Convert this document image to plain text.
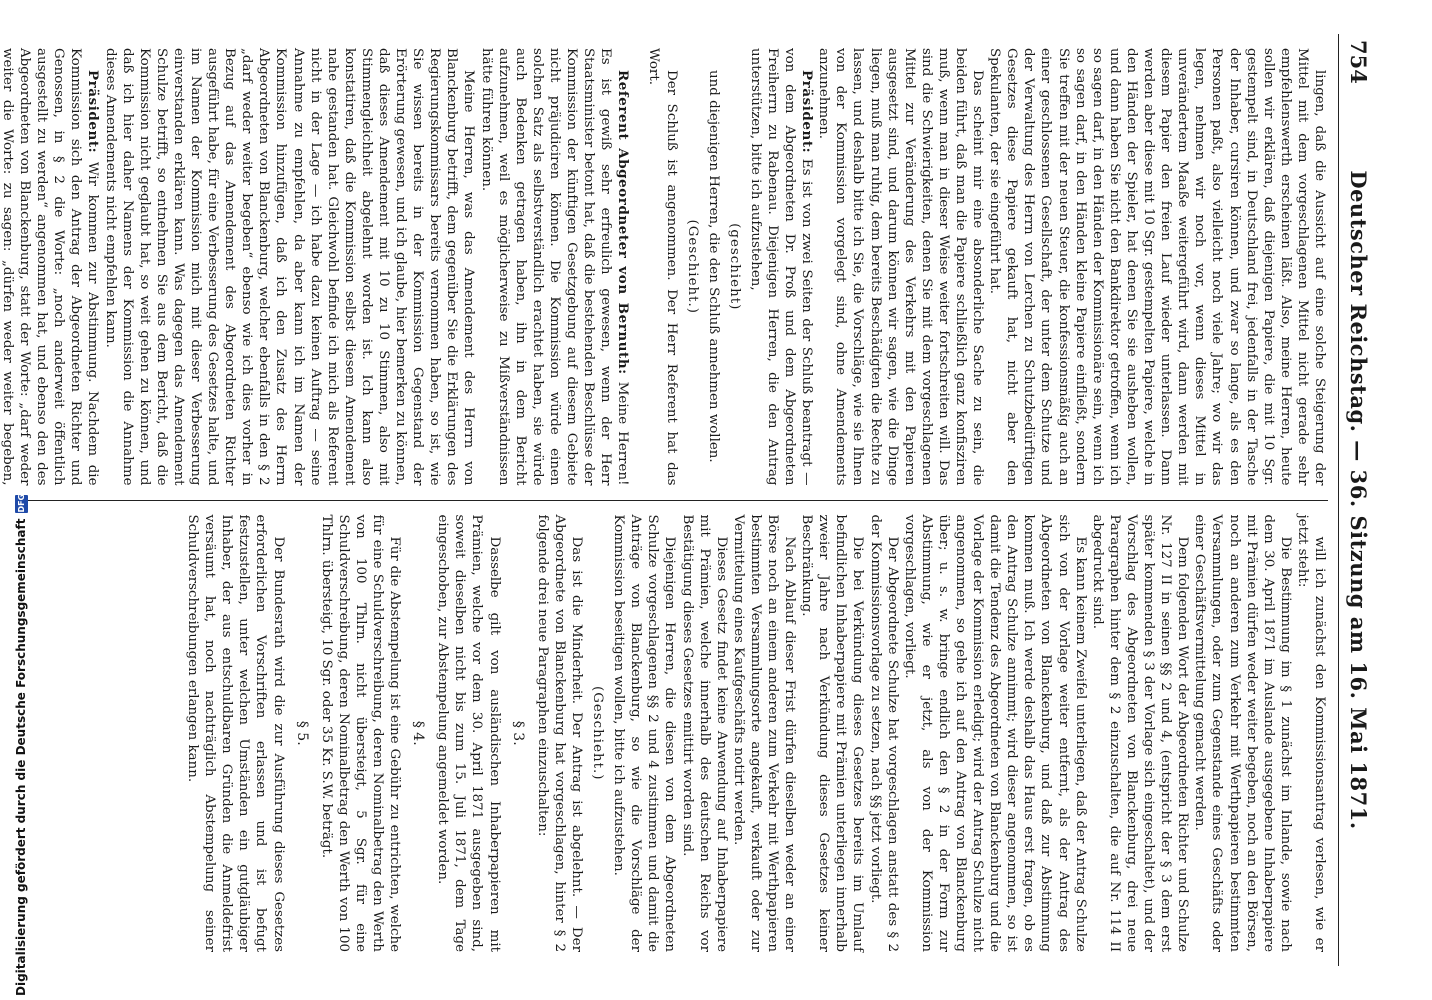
754
Deutscher Reichstag. — 36. Sitzung am 16. Mai 1871.

lingen, daß die Aussicht auf eine solche Steigerung der Mittel mit dem vorgeschlagenen Mittel nicht gerade sehr empfehlenswerth erscheinen läßt. Also, meine Herren, heute sollen wir erklären, daß diejenigen Papiere, die mit 10 Sgr. gestempelt sind, in Deutschland frei, jedenfalls in der Tasche der Inhaber, cursiren können, und zwar so lange, als es den Personen paßt, also vielleicht noch viele Jahre; wo wir das legen, nehmen wir noch vor, wenn dieses Mittel in unverändertem Maaße weitergeführt wird, dann werden mit diesem Papier den freien Lauf wieder unterlassen. Dann werden aber diese mit 10 Sgr. gestempelten Papiere, welche in den Händen der Spieler, hat denen Sie sie ausheben wollen, und dann haben Sie nicht den Bankdirektor getroffen, wenn ich so sagen darf, in den Händen der Kommissionäre sein, wenn ich so sagen darf, in den Händen kleine Papiere einfließt, sondern Sie treffen mit der neuen Steuer, die konfessionsmäßig auch an einer geschlossenen Gesellschaft, der unter dem Schutze und der Verwaltung des Herrn von Lerchen zu Schutzbedürftigen Gesetzes diese Papiere gekauft hat, nicht aber den Spekulanten, der sie eingeführt hat.

Das scheint mir eine absonderliche Sache zu sein, die beiden führt, daß man die Papiere schließlich ganz konfisziren muß, wenn man in dieser Weise weiter fortschreiten will. Das sind die Schwierigkeiten, denen Sie mit dem vorgeschlagenen Mittel zur Veränderung des Verkehrs mit den Papieren ausgesetzt sind, und darum können wir sagen, wie die Dinge liegen, muß man ruhig, dem bereits Beschädigten die Rechte zu lassen, und deshalb bitte ich Sie, die Vorschläge, wie sie Ihnen von der Kommission vorgelegt sind, ohne Amendements anzunehmen.

Präsident: Es ist von zwei Seiten der Schluß beantragt — von dem Abgeordneten Dr. Proß und dem Abgeordneten Freiherrn zu Rabenau. Diejenigen Herren, die den Antrag unterstützen, bitte ich aufzustehen,

(geschieht)

und diejenigen Herren, die den Schluß annehmen wollen.

(Geschieht.)

Der Schluß ist angenommen. Der Herr Referent hat das Wort.

Referent Abgeordneter von Bernuth: Meine Herren! Es ist gewiß sehr erfreulich gewesen, wenn der Herr Staatsminister betont hat, daß die bestehenden Beschlüsse der Kommission der künftigen Gesetzgebung auf diesem Gebiete nicht präjudiciren können. Die Kommission würde einen solchen Satz als selbstverständlich erachtet haben, sie würde auch Bedenken getragen haben, ihn in dem Bericht aufzunehmen, weil es möglicherweise zu Mißverständnissen hätte führen können.

Meine Herren, was das Amendement des Herrn von Blanckenburg betrifft, dem gegenüber Sie die Erklärungen des Regierungskommissars bereits vernommen haben, so ist, wie Sie wissen bereits in der Kommission Gegenstand der Erörterung gewesen, und ich glaube, hier bemerken zu können, daß dieses Amendement mit 10 zu 10 Stimmen, also mit Stimmengleichheit abgelehnt worden ist. Ich kann also konstatiren, daß die Kommission selbst diesem Amendement nahe gestanden hat. Gleichwohl befinde ich mich als Referent nicht in der Lage — ich habe dazu keinen Auftrag — seine Annahme zu empfehlen, da aber kann ich im Namen der Kommission hinzufügen, daß ich den Zusatz des Herrn Abgeordneten von Blanckenburg, welcher ebenfalls in den § 2 „darf weder weiter begeben“ ebenso wie ich dies vorher in Bezug auf das Amendement des Abgeordneten Richter ausgeführt habe, für eine Verbesserung des Gesetzes halte, und im Namen der Kommission mich mit dieser Verbesserung einverstanden erklären kann. Was dagegen das Amendement Schulze betrifft, so entnehmen Sie aus dem Bericht, daß die Kommission nicht geglaubt hat, so weit gehen zu können, und daß ich hier daher Namens der Kommission die Annahme dieses Amendements nicht empfehlen kann.

Präsident: Wir kommen zur Abstimmung. Nachdem die Kommission sich den Antrag der Abgeordneten Richter und Genossen, in § 2 die Worte: „noch anderweit öffentlich ausgestellt zu werden“ angenommen hat, und ebenso den des Abgeordneten von Blanckenburg, statt der Worte: „darf weder weiter die Worte: zu sagen: „dürfen weder weiter begeben,

will ich zunächst den Kommissionsantrag verlesen, wie er jetzt steht:

Die Bestimmung im § 1 zunächst im Inlande, sowie nach dem 30. April 1871 im Auslande ausgegebene Inhaberpapiere mit Prämien dürfen weder weiter begeben, noch an den Börsen, noch an anderen zum Verkehr mit Werthpapieren bestimmten Versammlungen, oder zum Gegenstande eines Geschäfts oder einer Geschäftsvermittelung gemacht werden.

Dem folgenden Wort der Abgeordneten Richter und Schulze Nr. 127 II in seinen §§ 2 und 4, (entspricht der § 3 dem erst später kommenden § 3 der Vorlage sich eingeschaltet), und der Vorschlag des Abgeordneten von Blanckenburg, drei neue Paragraphen hinter dem § 2 einzuschalten, die auf Nr. 114 II abgedruckt sind.

Es kann keinem Zweifel unterliegen, daß der Antrag Schulze sich von der Vorlage weiter entfernt, als der Antrag des Abgeordneten von Blanckenburg, und daß zur Abstimmung kommen muß. Ich werde deshalb das Haus erst fragen, ob es den Antrag Schulze annimmt; wird dieser angenommen, so ist damit die Tendenz des Abgeordneten von Blanckenburg und die Vorlage der Kommission erledigt; wird der Antrag Schulze nicht angenommen, so gehe ich auf den Antrag von Blanckenburg über; u. s. w. bringe endlich den § 2 in der Form zur Abstimmung, wie er jetzt, als von der Kommission vorgeschlagen, vorliegt.

Der Abgeordnete Schulze hat vorgeschlagen anstatt des § 2 der Kommissionsvorlage zu setzen, nach §§ jetzt vorliegt.

Die bei Verkündung dieses Gesetzes bereits im Umlauf befindlichen Inhaberpapiere mit Prämien unterliegen innerhalb zweier Jahre nach Verkündung dieses Gesetzes keiner Beschränkung.

Nach Ablauf dieser Frist dürfen dieselben weder an einer Börse noch an einem anderen zum Verkehr mit Werthpapieren bestimmten Versammlungsorte angekauft, verkauft oder zur Vermittelung eines Kaufgeschäfts notirt werden.

Dieses Gesetz findet keine Anwendung auf Inhaberpapiere mit Prämien, welche innerhalb des deutschen Reichs vor Bestätigung dieses Gesetzes emittirt worden sind.

Diejenigen Herren, die diesen von dem Abgeordneten Schulze vorgeschlagenen §§ 2 und 4 zustimmen und damit die Anträge von Blanckenburg, so wie die Vorschläge der Kommission beseitigen wollen, bitte ich aufzustehen.

(Geschieht.)

Das ist die Minderheit. Der Antrag ist abgelehnt. — Der Abgeordnete von Blanckenburg hat vorgeschlagen, hinter § 2 folgende drei neue Paragraphen einzuschalten:

§ 3.

Dasselbe gilt von ausländischen Inhaberpapieren mit Prämien, welche vor dem 30. April 1871 ausgegeben sind, soweit dieselben nicht bis zum 15. Juli 1871, dem Tage eingeschoben, zur Abstempelung angemeldet worden.

§ 4.

Für die Abstempelung ist eine Gebühr zu entrichten, welche für eine Schuldverschreibung, deren Nominalbetrag den Werth von 100 Thlrn. nicht übersteigt, 5 Sgr. für eine Schuldverschreibung, deren Nominalbetrag den Werth von 100 Thlrn. übersteigt, 10 Sgr. oder 35 Kr. S.W. beträgt.

§ 5.

Der Bundesrath wird die zur Ausführung dieses Gesetzes erforderlichen Vorschriften erlassen und ist befugt festzustellen, unter welchen Umständen ein gutgläubiger Inhaber, der aus entschuldbaren Gründen die Anmeldefrist versäumt hat, noch nachträglich Abstempelung seiner Schuldverschreibungen erlangen kann.

Digitalisierung gefördert durch die Deutsche Forschungsgemeinschaft
DFG
